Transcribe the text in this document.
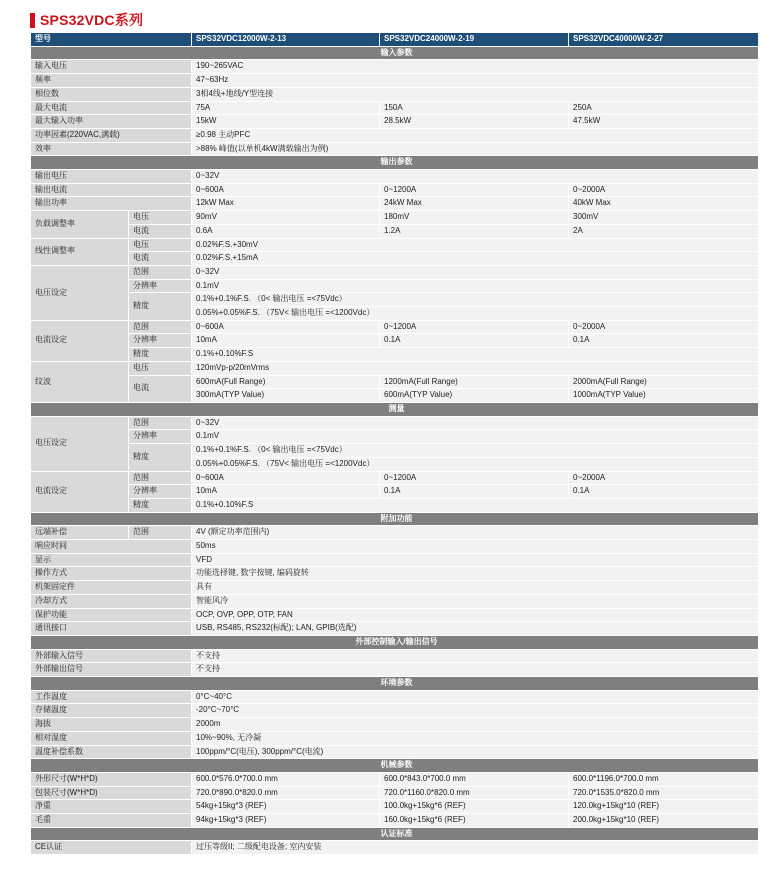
SPS32VDC系列
型号		SPS32VDC12000W-2-13	SPS32VDC24000W-2-19	SPS32VDC40000W-2-27
输入参数				
输入电压		190~265VAC		
频率		47~63Hz		
相位数		3相4线+地线/Y型连接		
最大电流		75A	150A	250A
最大输入功率		15kW	28.5kW	47.5kW
功率因素(220VAC,满载)		≥0.98 主动PFC		
效率		>88% 峰值(以单机4kW满载输出为例)		
输出参数				
输出电压		0~32V		
输出电流		0~600A	0~1200A	0~2000A
输出功率		12kW Max	24kW Max	40kW Max
负载调整率	电压	90mV	180mV	300mV
	电流	0.6A	1.2A	2A
线性调整率	电压	0.02%F.S.+30mV		
	电流	0.02%F.S.+15mA		
电压设定	范围	0~32V		
	分辨率	0.1mV		
	精度	0.1%+0.1%F.S. （0< 输出电压 =<75Vdc）		
		0.05%+0.05%F.S. （75V< 输出电压 =<1200Vdc）		
电流设定	范围	0~600A	0~1200A	0~2000A
	分辨率	10mA	0.1A	0.1A
	精度	0.1%+0.10%F.S		
纹波	电压	120mVp-p/20mVrms		
	电流	600mA(Full Range)	1200mA(Full Range)	2000mA(Full Range)
		300mA(TYP Value)	600mA(TYP Value)	1000mA(TYP Value)
测量				
电压设定	范围	0~32V		
	分辨率	0.1mV		
	精度	0.1%+0.1%F.S. （0< 输出电压 =<75Vdc）		
		0.05%+0.05%F.S. （75V< 输出电压 =<1200Vdc）		
电流设定	范围	0~600A	0~1200A	0~2000A
	分辨率	10mA	0.1A	0.1A
	精度	0.1%+0.10%F.S		
附加功能				
远端补偿	范围	4V (额定功率范围内)		
响应时间		50ms		
显示		VFD		
操作方式		功能选择键, 数字按键, 编码旋转		
机架固定件		具有		
冷却方式		智能风冷		
保护功能		OCP, OVP, OPP, OTP, FAN		
通讯接口		USB, RS485, RS232(标配); LAN, GPIB(选配)		
外部控制输入/输出信号				
外部输入信号		不支持		
外部输出信号		不支持		
环境参数				
工作温度		0°C~40°C		
存储温度		-20°C~70°C		
海拔		2000m		
相对湿度		10%~90%, 无冷凝		
温度补偿系数		100ppm/°C(电压), 300ppm/°C(电流)		
机械参数				
外形尺寸(W*H*D)		600.0*576.0*700.0 mm	600.0*843.0*700.0 mm	600.0*1196.0*700.0 mm
包装尺寸(W*H*D)		720.0*890.0*820.0 mm	720.0*1160.0*820.0 mm	720.0*1535.0*820.0 mm
净重		54kg+15kg*3 (REF)	100.0kg+15kg*6 (REF)	120.0kg+15kg*10 (REF)
毛重		94kg+15kg*3 (REF)	160.0kg+15kg*6 (REF)	200.0kg+15kg*10 (REF)
认证标准				
CE认证		过压等级II; 二级配电设备; 室内安装		
